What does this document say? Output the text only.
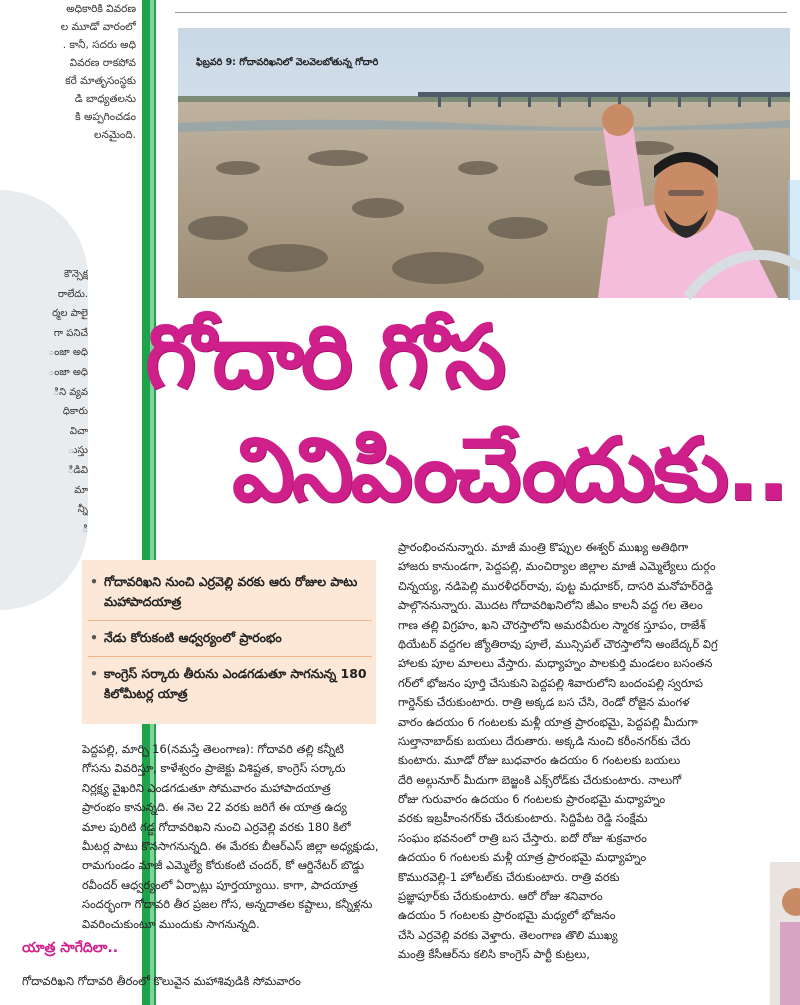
అధికారికి వివరణ
ల మూడో వారంలో
. కానీ, సదరు అధి
వివరణ రాకపోవ
కరే మాతృసంస్థకు
డి బాధ్యతలను
కి అప్పగించడం
లనమైంది.
కౌన్సెక్ష
రాలేదు.
ర్మల పాలై
గా పనిచే
ంజా అధి
ంజా అధి
ిని వ్యవ
ధికారు
విచా
ుస్తు
ిడివి
మా
న్నీ
ి
ఫిబ్రవరి 9: గోదావరిఖనిలో వెలవెలబోతున్న గోదారి
గోదారి గోస
వినిపించేందుకు..
• గోదావరిఖని నుంచి ఎర్రవెల్లి వరకు ఆరు రోజుల పాటు మహాపాదయాత్ర
• నేడు కోరుకంటి ఆధ్వర్యంలో ప్రారంభం
• కాంగ్రెస్ సర్కారు తీరును ఎండగడుతూ సాగనున్న 180 కిలోమీటర్ల యాత్ర
పెద్దపల్లి, మార్చి 16(నమస్తే తెలంగాణ): గోదావరి తల్లి కన్నీటి
గోసను వివరిస్తూ, కాళేశ్వరం ప్రాజెక్టు విశిష్టత, కాంగ్రెస్ సర్కారు
నిర్లక్ష్య వైఖరిని ఎండగడుతూ సోమవారం మహాపాదయాత్ర
ప్రారంభం కానున్నది. ఈ నెల 22 వరకు జరిగే ఈ యాత్ర ఉద్య
మాల పురిటి గడ్డ గోదావరిఖని నుంచి ఎర్రవెల్లి వరకు 180 కిలో
మీటర్ల పాటు కొనసాగనున్నది. ఈ మేరకు బీఆర్ఎస్ జిల్లా అధ్యక్షుడు,
రామగుండం మాజీ ఎమ్మెల్యే కోరుకంటి చందర్, కో ఆర్డినేటర్ బొడ్డు
రవీందర్ ఆధ్వర్యంలో ఏర్పాట్లు పూర్తయ్యాయి. కాగా, పాదయాత్ర
సందర్భంగా గోదావరి తీర ప్రజల గోస, అన్నదాతల కష్టాలు, కన్నీళ్లను
వివరించుకుంటూ ముందుకు సాగనున్నది.
యాత్ర సాగేదిలా..
గోదావరిఖని గోదావరి తీరంలో కొలువైన మహాశివుడికి సోమవారం
ప్రారంభించనున్నారు. మాజీ మంత్రి కొప్పుల ఈశ్వర్ ముఖ్య అతిథిగా
హాజరు కానుండగా, పెద్దపల్లి, మంచిర్యాల జిల్లాల మాజీ ఎమ్మెల్యేలు దుర్గం
చిన్నయ్య, నడిపెల్లి మురళీధర్‌రావు, పుట్ట మధూకర్, దాసరి మనోహర్‌రెడ్డి
పాల్గొననున్నారు. మొదట గోదావరిఖనిలోని జీఎం కాలనీ వద్ద గల తెలం
గాణ తల్లి విగ్రహం, ఖని చౌరస్తాలోని అమరవీరుల స్మారక స్తూపం, రాజేశ్
థియేటర్ వద్దగల జ్యోతిరావు పూలే, మున్సిపల్ చౌరస్తాలోని అంబేద్కర్ విగ్ర
హాలకు పూల మాలలు వేస్తారు. మధ్యాహ్నం పాలకుర్తి మండలం బసంతన
గర్‌లో భోజనం పూర్తి చేసుకుని పెద్దపల్లి శివారులోని బందంపల్లి స్వరూప
గార్డెన్‌కు చేరుకుంటారు. రాత్రి అక్కడ బస చేసి, రెండో రోజైన మంగళ
వారం ఉదయం 6 గంటలకు మళ్లీ యాత్ర ప్రారంభమై, పెద్దపల్లి మీదుగా
సుల్తానాబాద్‌కు బయలు దేరుతారు. అక్కడి నుంచి కరీంనగర్‌కు చేరు
కుంటారు. మూడో రోజు బుధవారం ఉదయం 6 గంటలకు బయలు
దేరి అల్గునూర్ మీదుగా బెజ్జంకి ఎక్స్‌రోడ్‌కు చేరుకుంటారు. నాలుగో
రోజు గురువారం ఉదయం 6 గంటలకు ప్రారంభమై మధ్యాహ్నం
వరకు ఇబ్రహీంనగర్‌కు చేరుకుంటారు. సిద్దిపేట రెడ్డి సంక్షేమ
సంఘం భవనంలో రాత్రి బస చేస్తారు. ఐదో రోజు శుక్రవారం
ఉదయం 6 గంటలకు మళ్లీ యాత్ర ప్రారంభమై మధ్యాహ్నం
కొమురవెల్లి-1 హోటల్‌కు చేరుకుంటారు. రాత్రి వరకు
ప్రజ్ఞాపూర్‌కు చేరుకుంటారు. ఆరో రోజు శనివారం
ఉదయం 5 గంటలకు ప్రారంభమై మధ్యలో భోజనం
చేసి ఎర్రవెల్లి వరకు వెళ్తారు. తెలంగాణ తొలి ముఖ్య
మంత్రి కేసీఆర్‌ను కలిసి కాంగ్రెస్ పార్టీ కుట్రలు,
